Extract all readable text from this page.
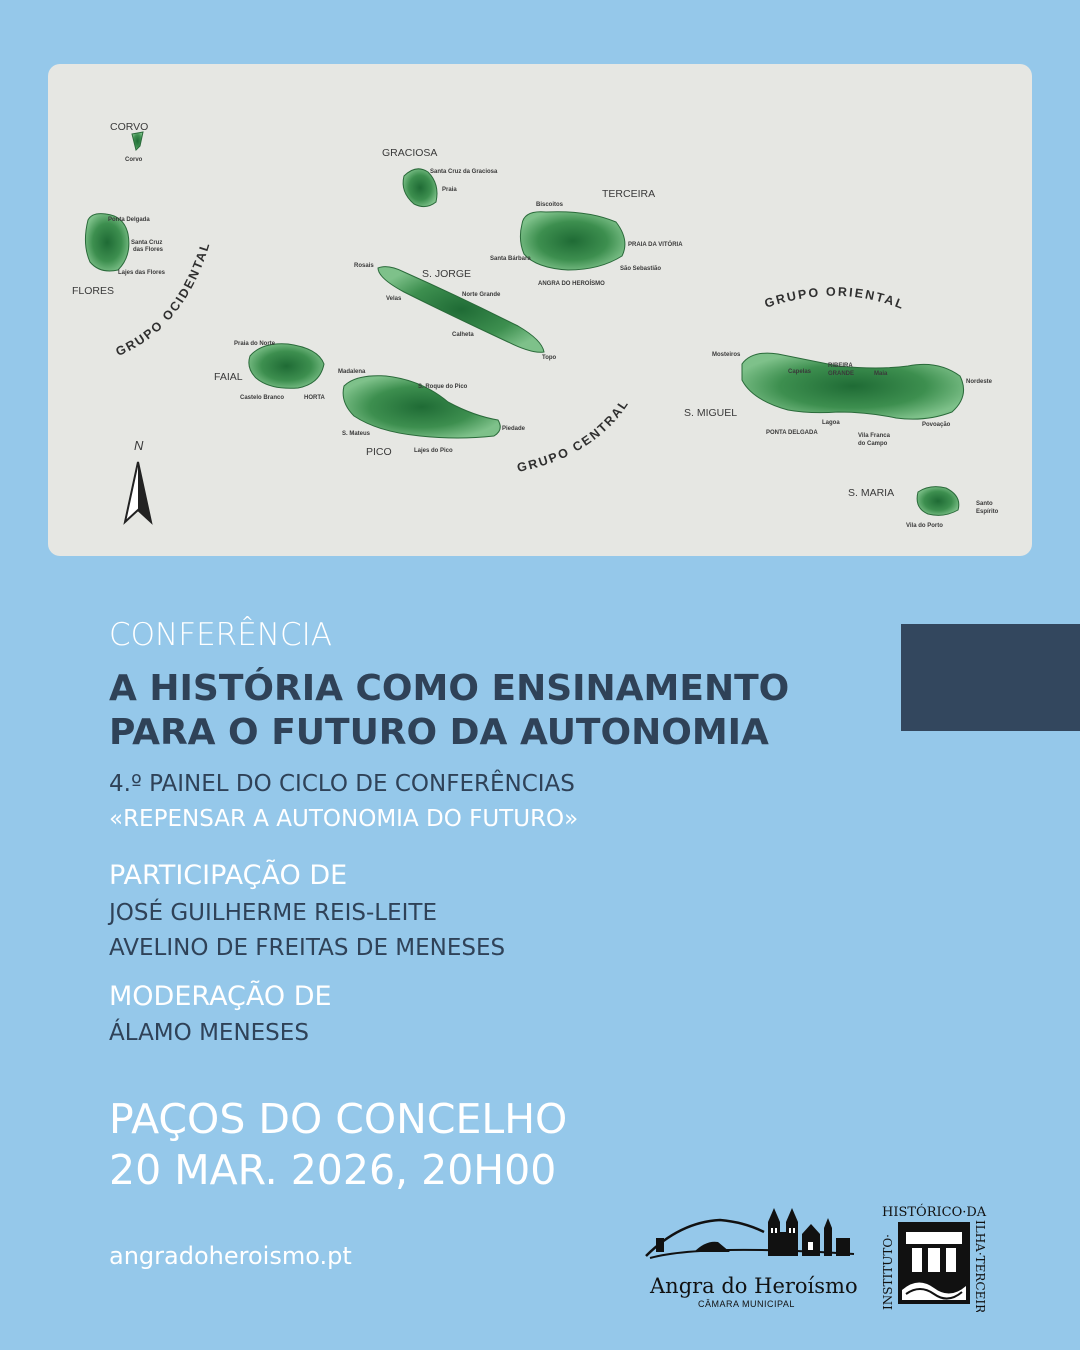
CORVO
Corvo
FLORES
Ponta Delgada
Santa Cruz
das Flores
Lajes das Flores
GRUPO OCIDENTAL
GRACIOSA
Santa Cruz da Graciosa
Praia	TERCEIRA
Biscoitos
PRAIA DA VITÓRIA
Santa Bárbara
São Sebastião
ANGRA DO HEROÍSMO
S. JORGE
Rosais
Norte Grande
Velas
Calheta
Topo
FAIAL
Praia do Norte
Castelo Branco	HORTA
PICO
Madalena
S. Roque do Pico
S. Mateus
Piedade
Lajes do Pico
GRUPO CENTRAL
S. MIGUEL
Mosteiros
Capelas
RIBEIRA
GRANDE	Maia
Nordeste
PONTA DELGADA
Lagoa
Vila Franca
do Campo
Povoação
GRUPO ORIENTAL
S. MARIA
Santo
Espírito
Vila do Porto
N

CONFERÊNCIA

A HISTÓRIA COMO ENSINAMENTO

PARA O FUTURO DA AUTONOMIA

4.º PAINEL DO CICLO DE CONFERÊNCIAS

«REPENSAR A AUTONOMIA DO FUTURO»

PARTICIPAÇÃO DE

JOSÉ GUILHERME REIS-LEITE

AVELINO DE FREITAS DE MENESES

MODERAÇÃO DE

ÁLAMO MENESES

PAÇOS DO CONCELHO

20 MAR. 2026, 20H00

angradoheroismo.pt

Angra do Heroísmo
CÂMARA MUNICIPAL
HISTÓRICO·DA
INSTITUTO·	ILHA·TERCEIRA
